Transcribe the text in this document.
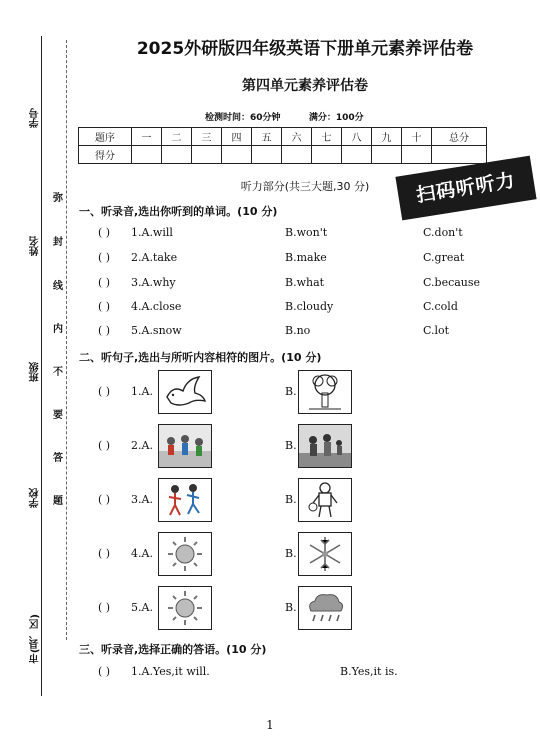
学号
姓名
班级
学校
市(县、区)
弥
封
线
内
不
要
答
题
2025外研版四年级英语下册单元素养评估卷
第四单元素养评估卷
检测时间：60分钟	满分：100分
题序	一	二	三	四	五	六	七	八	九	十	总分
得分											
扫码听听力
听力部分(共三大题,30 分)
一、听录音,选出你听到的单词。(10 分)
( ) 1.A.will	B.won't	C.don't
( ) 2.A.take	B.make	C.great
( ) 3.A.why	B.what	C.because
( ) 4.A.close	B.cloudy	C.cold
( ) 5.A.snow	B.no	C.lot
二、听句子,选出与所听内容相符的图片。(10 分)
( ) 1.A.	B.
( ) 2.A.	B.
( ) 3.A.	B.
( ) 4.A.	B.
( ) 5.A.	B.
三、听录音,选择正确的答语。(10 分)
( ) 1.A.Yes,it will.	B.Yes,it is.
1
